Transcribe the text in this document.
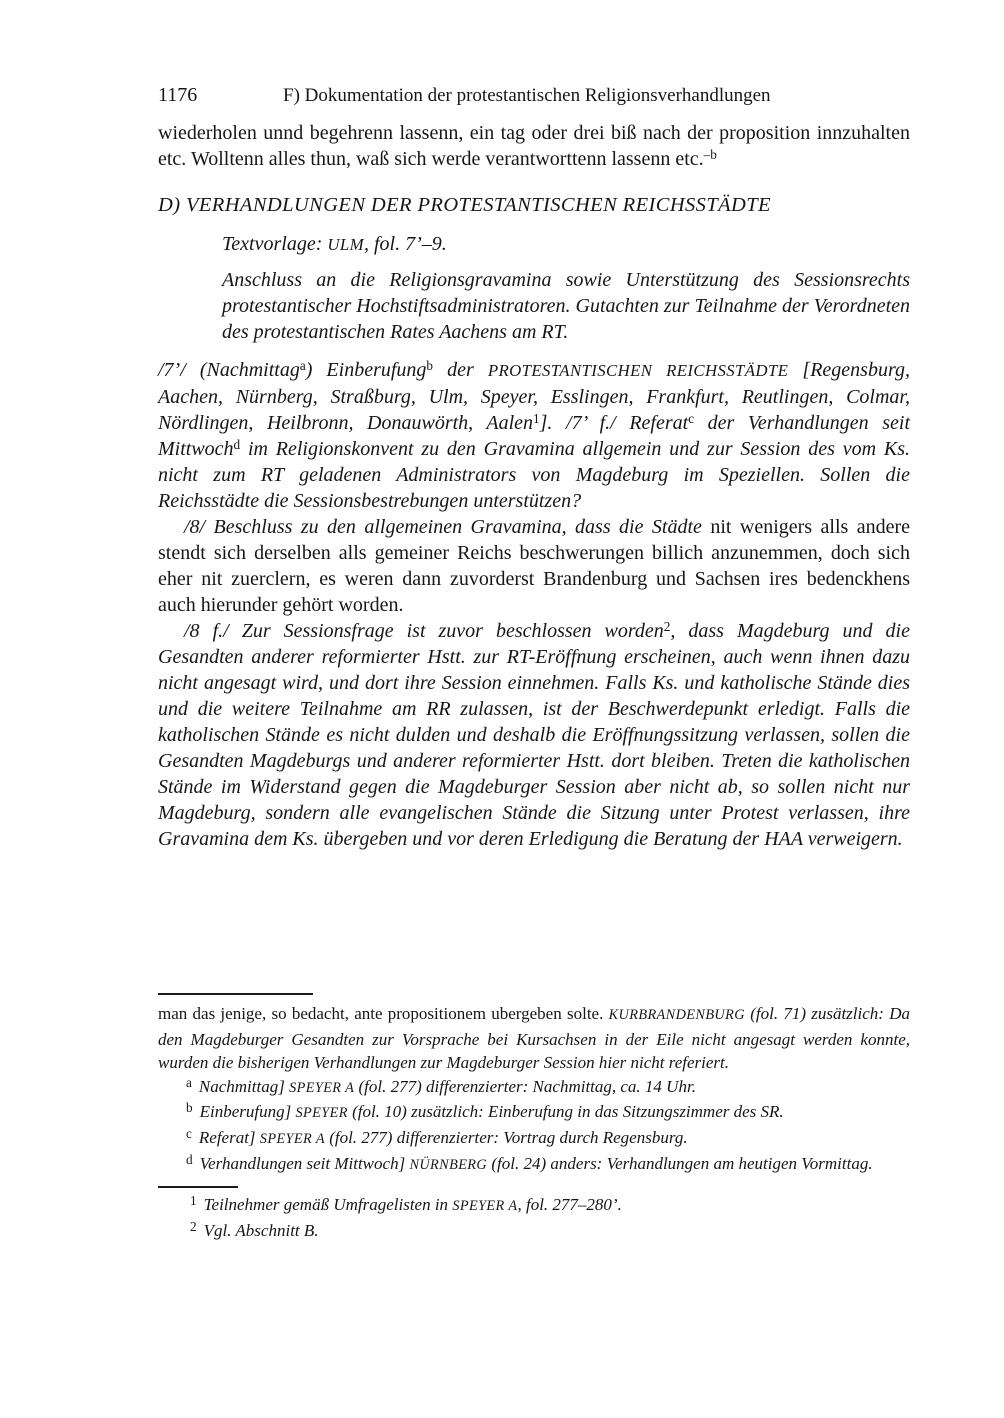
1176	F) Dokumentation der protestantischen Religionsverhandlungen

wiederholen unnd begehrenn lassenn, ein tag oder drei biß nach der proposition innzuhalten etc. Wolltenn alles thun, waß sich werde verantworttenn lassenn etc.$^{-b}$

D) VERHANDLUNGEN DER PROTESTANTISCHEN REICHSSTÄDTE

Textvorlage: ULM, fol. 7’–9.

Anschluss an die Religionsgravamina sowie Unterstützung des Sessionsrechts protestantischer Hochstiftsadministratoren. Gutachten zur Teilnahme der Verordneten des protestantischen Rates Aachens am RT.

/7’/ (Nachmittag$^a$) Einberufung$^b$ der PROTESTANTISCHEN REICHSSTÄDTE [Regensburg, Aachen, Nürnberg, Straßburg, Ulm, Speyer, Esslingen, Frankfurt, Reutlingen, Colmar, Nördlingen, Heilbronn, Donauwörth, Aalen$^1$]. /7’ f./ Referat$^c$ der Verhandlungen seit Mittwoch$^d$ im Religionskonvent zu den Gravamina allgemein und zur Session des vom Ks. nicht zum RT geladenen Administrators von Magdeburg im Speziellen. Sollen die Reichsstädte die Sessionsbestrebungen unterstützen?

/8/ Beschluss zu den allgemeinen Gravamina, dass die Städte nit wenigers alls andere stendt sich derselben alls gemeiner Reichs beschwerungen billich anzunemmen, doch sich eher nit zuerclern, es weren dann zuvorderst Brandenburg und Sachsen ires bedenckhens auch hierunder gehört worden.

/8 f./ Zur Sessionsfrage ist zuvor beschlossen worden$^2$, dass Magdeburg und die Gesandten anderer reformierter Hstt. zur RT-Eröffnung erscheinen, auch wenn ihnen dazu nicht angesagt wird, und dort ihre Session einnehmen. Falls Ks. und katholische Stände dies und die weitere Teilnahme am RR zulassen, ist der Beschwerdepunkt erledigt. Falls die katholischen Stände es nicht dulden und deshalb die Eröffnungssitzung verlassen, sollen die Gesandten Magdeburgs und anderer reformierter Hstt. dort bleiben. Treten die katholischen Stände im Widerstand gegen die Magdeburger Session aber nicht ab, so sollen nicht nur Magdeburg, sondern alle evangelischen Stände die Sitzung unter Protest verlassen, ihre Gravamina dem Ks. übergeben und vor deren Erledigung die Beratung der HAA verweigern.

man das jenige, so bedacht, ante propositionem ubergeben solte. KURBRANDENBURG (fol. 71) zusätzlich: Da den Magdeburger Gesandten zur Vorsprache bei Kursachsen in der Eile nicht angesagt werden konnte, wurden die bisherigen Verhandlungen zur Magdeburger Session hier nicht referiert.

$^a$ Nachmittag] SPEYER A (fol. 277) differenzierter: Nachmittag, ca. 14 Uhr.

$^b$ Einberufung] SPEYER (fol. 10) zusätzlich: Einberufung in das Sitzungszimmer des SR.

$^c$ Referat] SPEYER A (fol. 277) differenzierter: Vortrag durch Regensburg.

$^d$ Verhandlungen seit Mittwoch] NÜRNBERG (fol. 24) anders: Verhandlungen am heutigen Vormittag.

$^1$ Teilnehmer gemäß Umfragelisten in SPEYER A, fol. 277–280’.

$^2$ Vgl. Abschnitt B.
